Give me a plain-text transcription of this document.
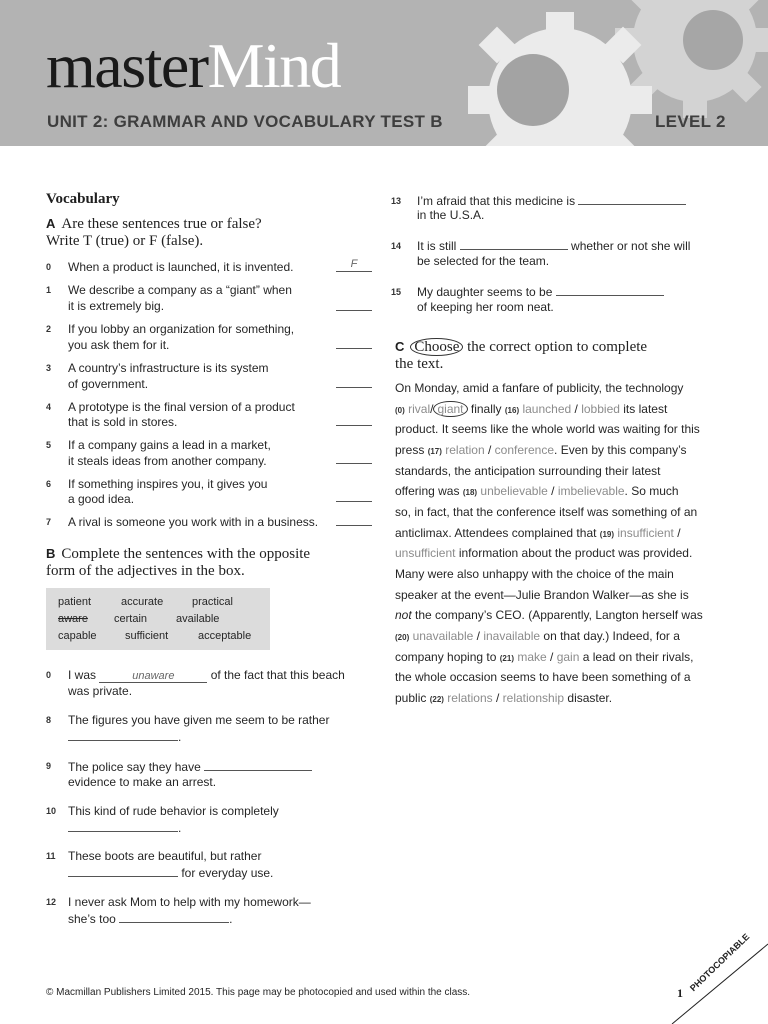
masterMind
UNIT 2: GRAMMAR AND VOCABULARY TEST B	LEVEL 2
Vocabulary
A Are these sentences true or false?
Write T (true) or F (false).
0 When a product is launched, it is invented.	F
1 We describe a company as a “giant” when
it is extremely big.
2 If you lobby an organization for something,
you ask them for it.
3 A country’s infrastructure is its system
of government.
4 A prototype is the final version of a product
that is sold in stores.
5 If a company gains a lead in a market,
it steals ideas from another company.
6 If something inspires you, it gives you
a good idea.
7 A rival is someone you work with in a business.
B Complete the sentences with the opposite
form of the adjectives in the box.
patient	accurate	practical
aware certain	available
capable	sufficient	acceptable
0 I was	unaware	of the fact that this beach
was private.
8 The figures you have given me seem to be rather
.
9 The police say they have
evidence to make an arrest.
10 This kind of rude behavior is completely
.
11 These boots are beautiful, but rather
for everyday use.
12 I never ask Mom to help with my homework—
she’s too	.
13 I’m afraid that this medicine is
in the U.S.A.
14 It is still	whether or not she will
be selected for the team.
15 My daughter seems to be
of keeping her room neat.
C Choose the correct option to complete
the text.
On Monday, amid a fanfare of publicity, the technology
(0) rival/ giant finally (16) launched / lobbied its latest
product. It seems like the whole world was waiting for this
press (17) relation / conference. Even by this company’s
standards, the anticipation surrounding their latest
offering was (18) unbelievable / imbelievable. So much
so, in fact, that the conference itself was something of an
anticlimax. Attendees complained that (19) insufficient /
unsufficient information about the product was provided.
Many were also unhappy with the choice of the main
speaker at the event—Julie Brandon Walker—as she is
not the company’s CEO. (Apparently, Langton herself was
(20) unavailable / inavailable on that day.) Indeed, for a
company hoping to (21) make / gain a lead on their rivals,
the whole occasion seems to have been something of a
public (22) relations / relationship disaster.
© Macmillan Publishers Limited 2015. This page may be photocopied and used within the class.	1 PHOTOCOPIABLE
